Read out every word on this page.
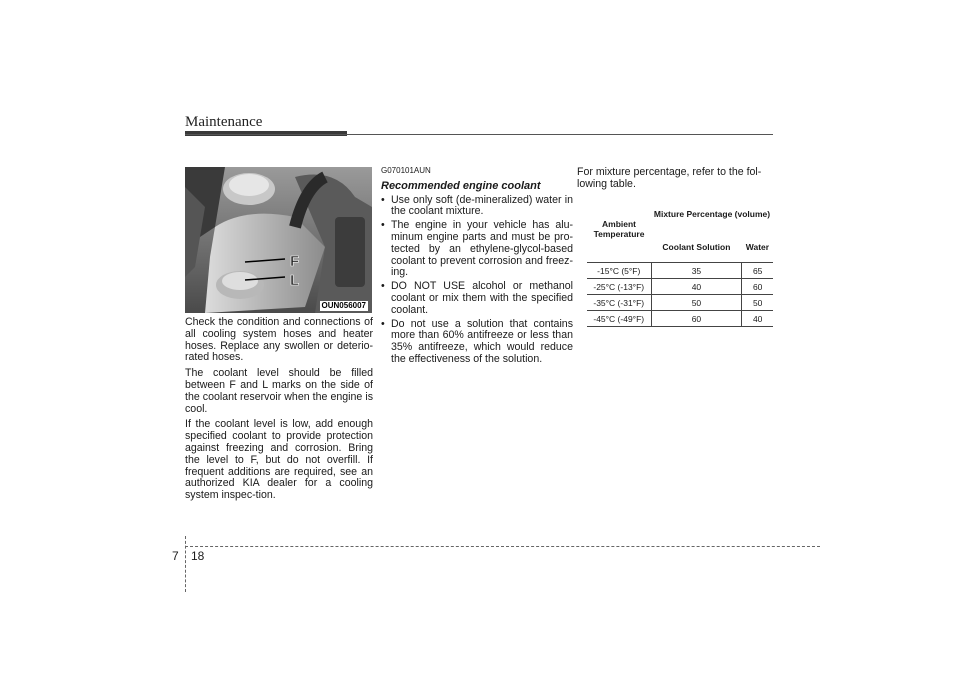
Maintenance
F
L
OUN056007

Check the condition and connections of all cooling system hoses and heater hoses. Replace any swollen or deterio-rated hoses.

The coolant level should be filled between F and L marks on the side of the coolant reservoir when the engine is cool.

If the coolant level is low, add enough specified coolant to provide protection against freezing and corrosion. Bring the level to F, but do not overfill. If frequent additions are required, see an authorized KIA dealer for a cooling system inspec-tion.

G070101AUN
Recommended engine coolant
• Use only soft (de-mineralized) water in the coolant mixture.
• The engine in your vehicle has alu-minum engine parts and must be pro-tected by an ethylene-glycol-based coolant to prevent corrosion and freez-ing.
• DO NOT USE alcohol or methanol coolant or mix them with the specified coolant.
• Do not use a solution that contains more than 60% antifreeze or less than 35% antifreeze, which would reduce the effectiveness of the solution.
For mixture percentage, refer to the fol-lowing table.
Ambient Temperature	Mixture Percentage (volume)	
	Coolant Solution	Water
-15°C (5°F)	35	65
-25°C (-13°F)	40	60
-35°C (-31°F)	50	50
-45°C (-49°F)	60	40
7 18
